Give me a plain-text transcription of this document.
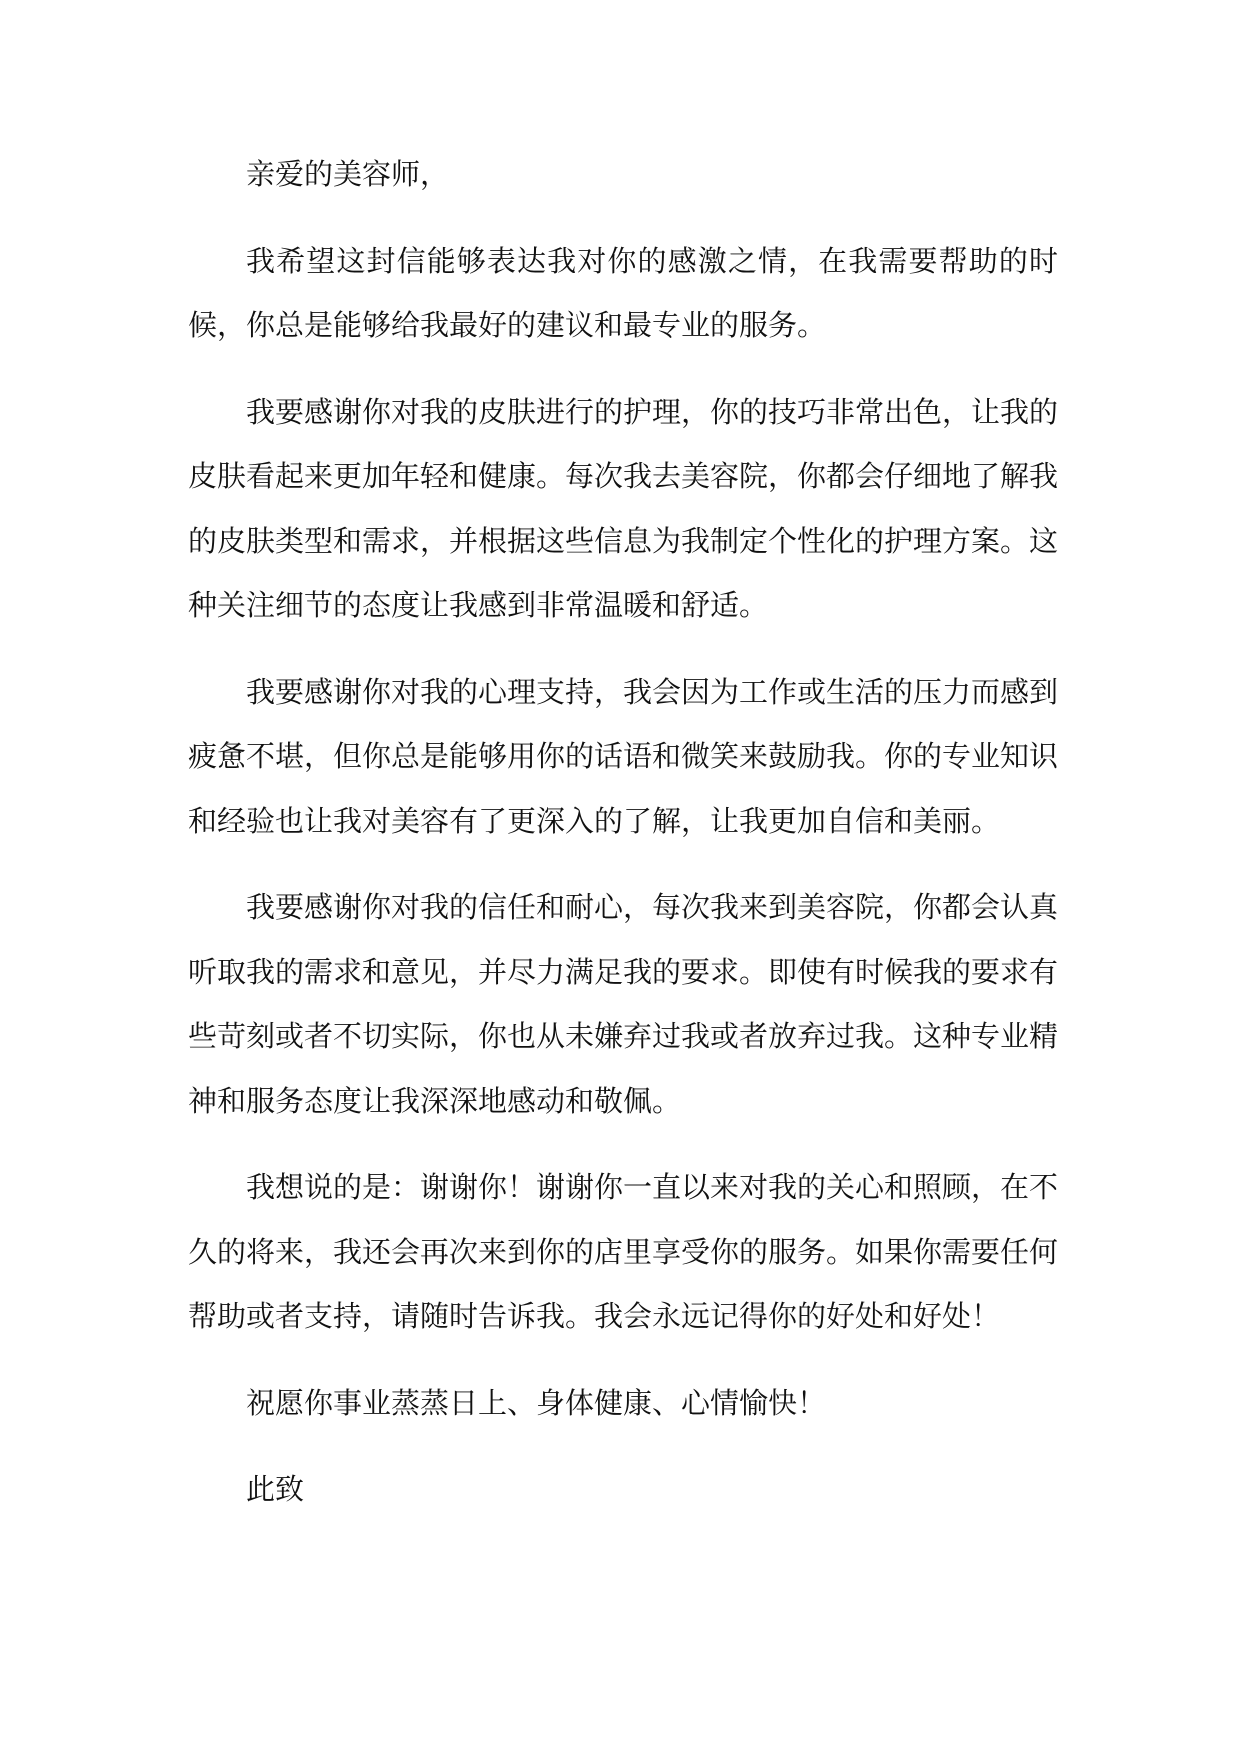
亲爱的美容师，

我希望这封信能够表达我对你的感激之情，在我需要帮助的时候，你总是能够给我最好的建议和最专业的服务。

我要感谢你对我的皮肤进行的护理，你的技巧非常出色，让我的皮肤看起来更加年轻和健康。每次我去美容院，你都会仔细地了解我的皮肤类型和需求，并根据这些信息为我制定个性化的护理方案。这种关注细节的态度让我感到非常温暖和舒适。

我要感谢你对我的心理支持，我会因为工作或生活的压力而感到疲惫不堪，但你总是能够用你的话语和微笑来鼓励我。你的专业知识和经验也让我对美容有了更深入的了解，让我更加自信和美丽。

我要感谢你对我的信任和耐心，每次我来到美容院，你都会认真听取我的需求和意见，并尽力满足我的要求。即使有时候我的要求有些苛刻或者不切实际，你也从未嫌弃过我或者放弃过我。这种专业精神和服务态度让我深深地感动和敬佩。

我想说的是：谢谢你！谢谢你一直以来对我的关心和照顾，在不久的将来，我还会再次来到你的店里享受你的服务。如果你需要任何帮助或者支持，请随时告诉我。我会永远记得你的好处和好处！

祝愿你事业蒸蒸日上、身体健康、心情愉快！

此致
